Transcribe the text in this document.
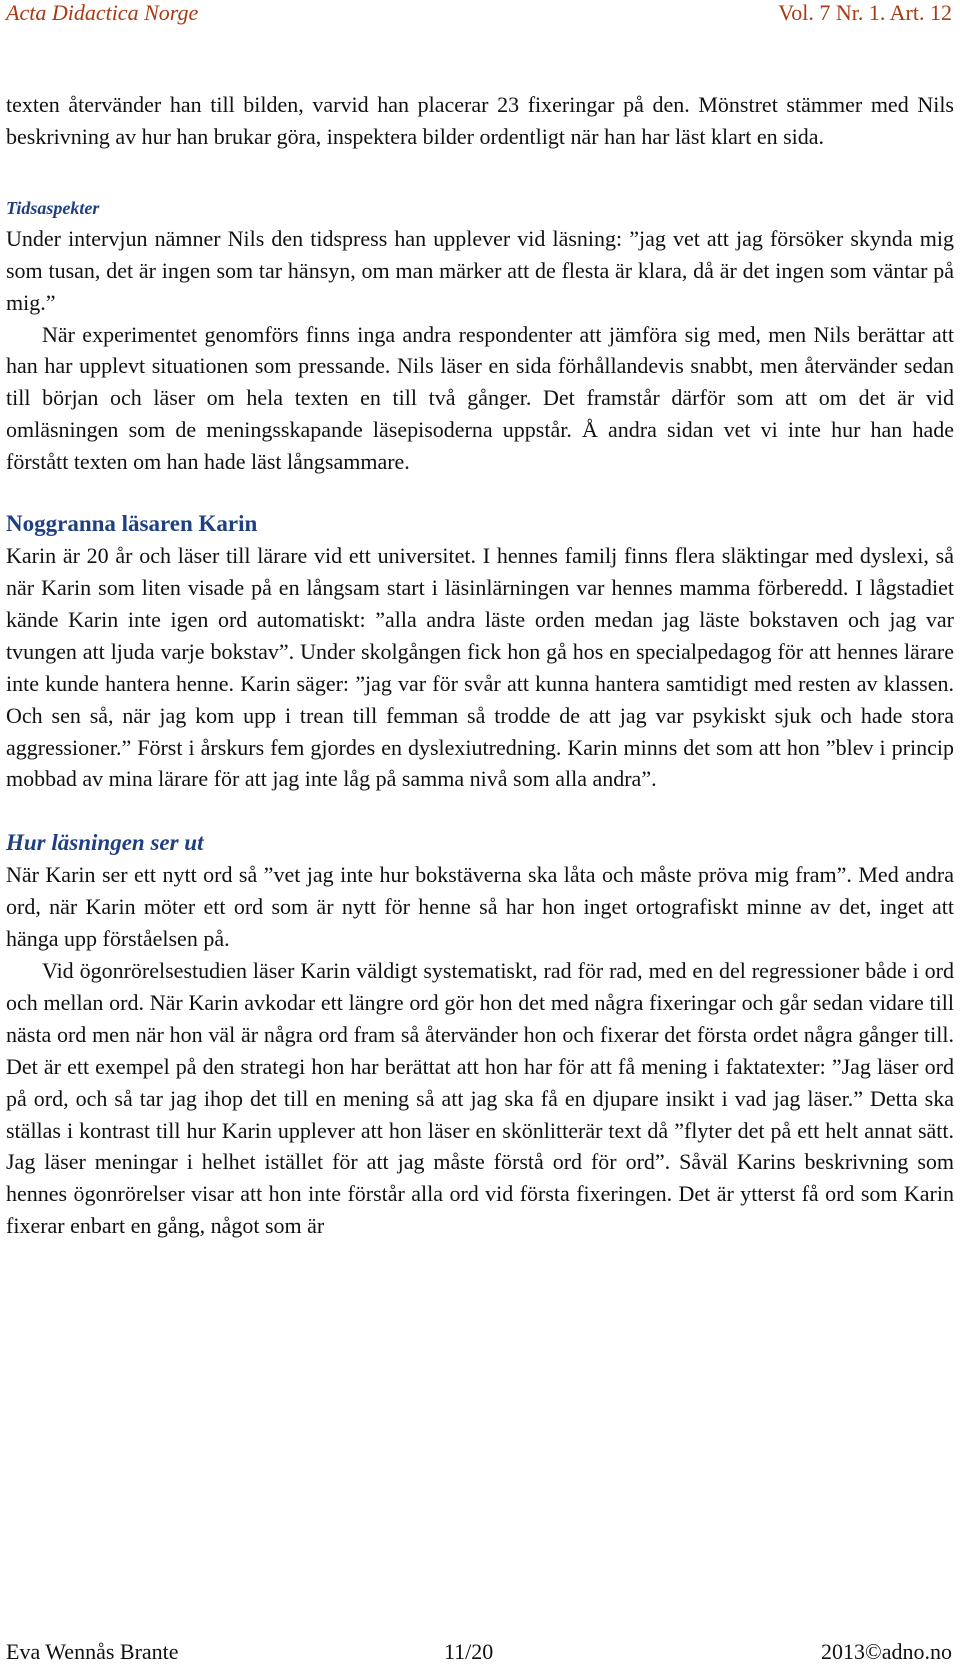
Acta Didactica Norge	Vol. 7 Nr. 1. Art. 12

texten återvänder han till bilden, varvid han placerar 23 fixeringar på den. Mönstret stämmer med Nils beskrivning av hur han brukar göra, inspektera bilder ordentligt när han har läst klart en sida.

Tidsaspekter

Under intervjun nämner Nils den tidspress han upplever vid läsning: ”jag vet att jag försöker skynda mig som tusan, det är ingen som tar hänsyn, om man märker att de flesta är klara, då är det ingen som väntar på mig.”

När experimentet genomförs finns inga andra respondenter att jämföra sig med, men Nils berättar att han har upplevt situationen som pressande. Nils läser en sida förhållandevis snabbt, men återvänder sedan till början och läser om hela texten en till två gånger. Det framstår därför som att om det är vid omläsningen som de meningsskapande läsepisoderna uppstår. Å andra sidan vet vi inte hur han hade förstått texten om han hade läst långsammare.

Noggranna läsaren Karin

Karin är 20 år och läser till lärare vid ett universitet. I hennes familj finns flera släktingar med dyslexi, så när Karin som liten visade på en långsam start i läsinlärningen var hennes mamma förberedd. I lågstadiet kände Karin inte igen ord automatiskt: ”alla andra läste orden medan jag läste bokstaven och jag var tvungen att ljuda varje bokstav”. Under skolgången fick hon gå hos en specialpedagog för att hennes lärare inte kunde hantera henne. Karin säger: ”jag var för svår att kunna hantera samtidigt med resten av klassen. Och sen så, när jag kom upp i trean till femman så trodde de att jag var psykiskt sjuk och hade stora aggressioner.” Först i årskurs fem gjordes en dyslexiutredning. Karin minns det som att hon ”blev i princip mobbad av mina lärare för att jag inte låg på samma nivå som alla andra”.

Hur läsningen ser ut

När Karin ser ett nytt ord så ”vet jag inte hur bokstäverna ska låta och måste pröva mig fram”. Med andra ord, när Karin möter ett ord som är nytt för henne så har hon inget ortografiskt minne av det, inget att hänga upp förståelsen på.

Vid ögonrörelsestudien läser Karin väldigt systematiskt, rad för rad, med en del regressioner både i ord och mellan ord. När Karin avkodar ett längre ord gör hon det med några fixeringar och går sedan vidare till nästa ord men när hon väl är några ord fram så återvänder hon och fixerar det första ordet några gånger till. Det är ett exempel på den strategi hon har berättat att hon har för att få mening i faktatexter: ”Jag läser ord på ord, och så tar jag ihop det till en mening så att jag ska få en djupare insikt i vad jag läser.” Detta ska ställas i kontrast till hur Karin upplever att hon läser en skönlitterär text då ”flyter det på ett helt annat sätt. Jag läser meningar i helhet istället för att jag måste förstå ord för ord”. Såväl Karins beskrivning som hennes ögonrörelser visar att hon inte förstår alla ord vid första fixeringen. Det är ytterst få ord som Karin fixerar enbart en gång, något som är

Eva Wennås Brante	11/20	2013©adno.no
